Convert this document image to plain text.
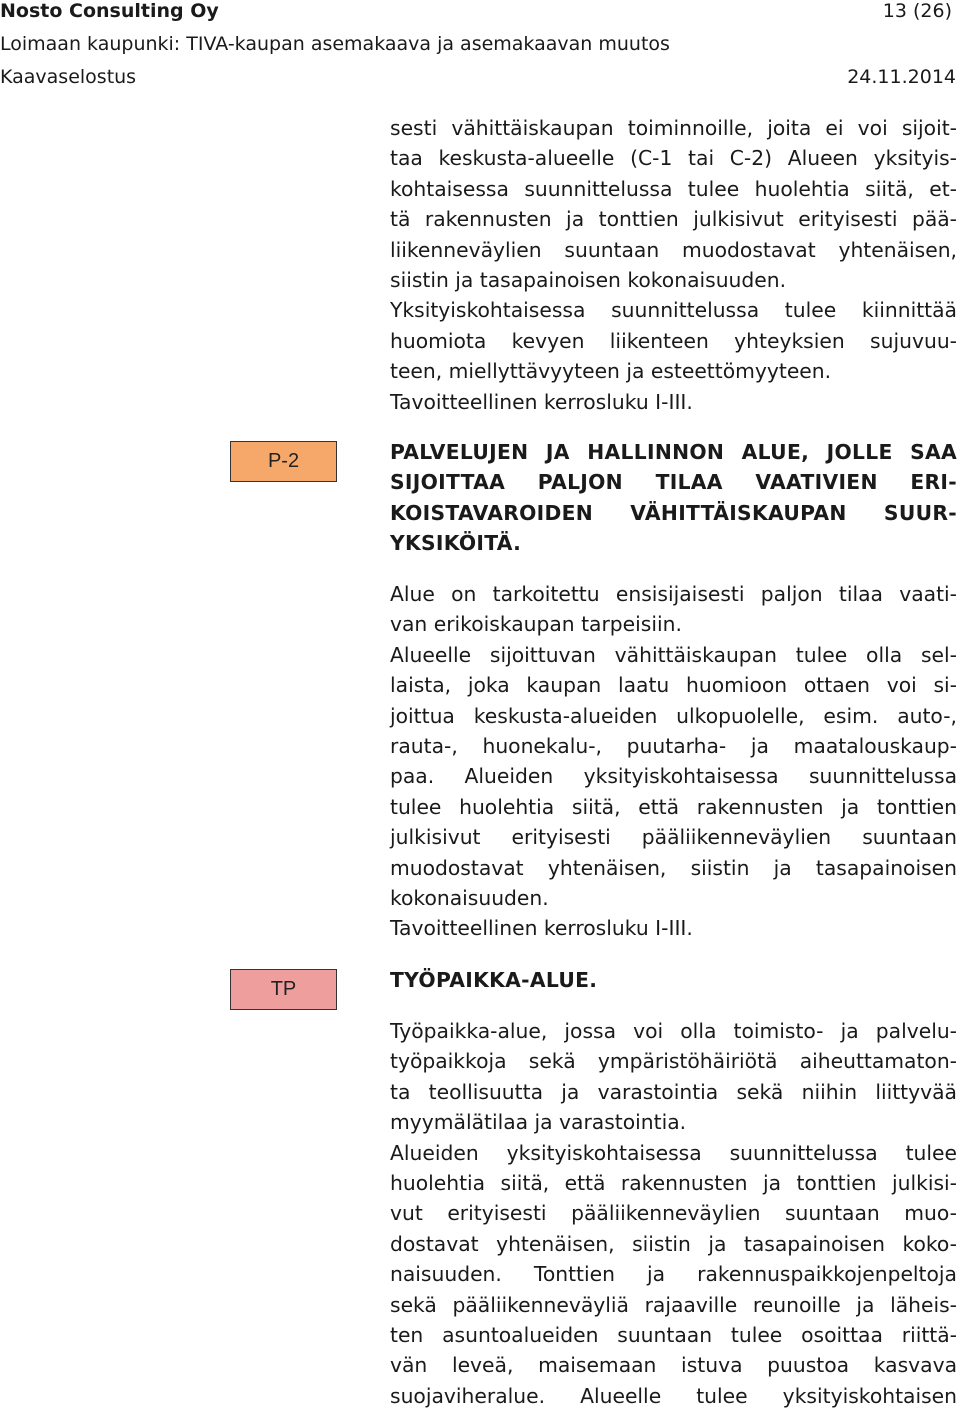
Nosto Consulting Oy	13 (26)
Loimaan kaupunki: TIVA-kaupan asemakaava ja asemakaavan muutos
Kaavaselostus	24.11.2014

sesti vähittäiskaupan toiminnoille, joita ei voi sijoit-
taa keskusta-alueelle (C-1 tai C-2) Alueen yksityis-
kohtaisessa suunnittelussa tulee huolehtia siitä, et-
tä rakennusten ja tonttien julkisivut erityisesti pää-
liikenneväylien suuntaan muodostavat yhtenäisen,
siistin ja tasapainoisen kokonaisuuden.
Yksityiskohtaisessa suunnittelussa tulee kiinnittää
huomiota kevyen liikenteen yhteyksien sujuvuu-
teen, miellyttävyyteen ja esteettömyyteen.
Tavoitteellinen kerrosluku I-III.

P-2	PALVELUJEN JA HALLINNON ALUE, JOLLE SAA
SIJOITTAA PALJON TILAA VAATIVIEN ERI-
KOISTAVAROIDEN VÄHITTÄISKAUPAN SUUR-
YKSIKÖITÄ.

Alue on tarkoitettu ensisijaisesti paljon tilaa vaati-
van erikoiskaupan tarpeisiin.
Alueelle sijoittuvan vähittäiskaupan tulee olla sel-
laista, joka kaupan laatu huomioon ottaen voi si-
joittua keskusta-alueiden ulkopuolelle, esim. auto-,
rauta-, huonekalu-, puutarha- ja maatalouskaup-
paa. Alueiden yksityiskohtaisessa suunnittelussa
tulee huolehtia siitä, että rakennusten ja tonttien
julkisivut erityisesti pääliikenneväylien suuntaan
muodostavat yhtenäisen, siistin ja tasapainoisen
kokonaisuuden.
Tavoitteellinen kerrosluku I-III.

TP	TYÖPAIKKA-ALUE.

Työpaikka-alue, jossa voi olla toimisto- ja palvelu-
työpaikkoja sekä ympäristöhäiriötä aiheuttamaton-
ta teollisuutta ja varastointia sekä niihin liittyvää
myymälätilaa ja varastointia.
Alueiden yksityiskohtaisessa suunnittelussa tulee
huolehtia siitä, että rakennusten ja tonttien julkisi-
vut erityisesti pääliikenneväylien suuntaan muo-
dostavat yhtenäisen, siistin ja tasapainoisen koko-
naisuuden. Tonttien ja rakennuspaikkojenpeltoja
sekä pääliikenneväyliä rajaaville reunoille ja läheis-
ten asuntoalueiden suuntaan tulee osoittaa riittä-
vän leveä, maisemaan istuva puustoa kasvava
suojaviheralue. Alueelle tulee yksityiskohtaisen
